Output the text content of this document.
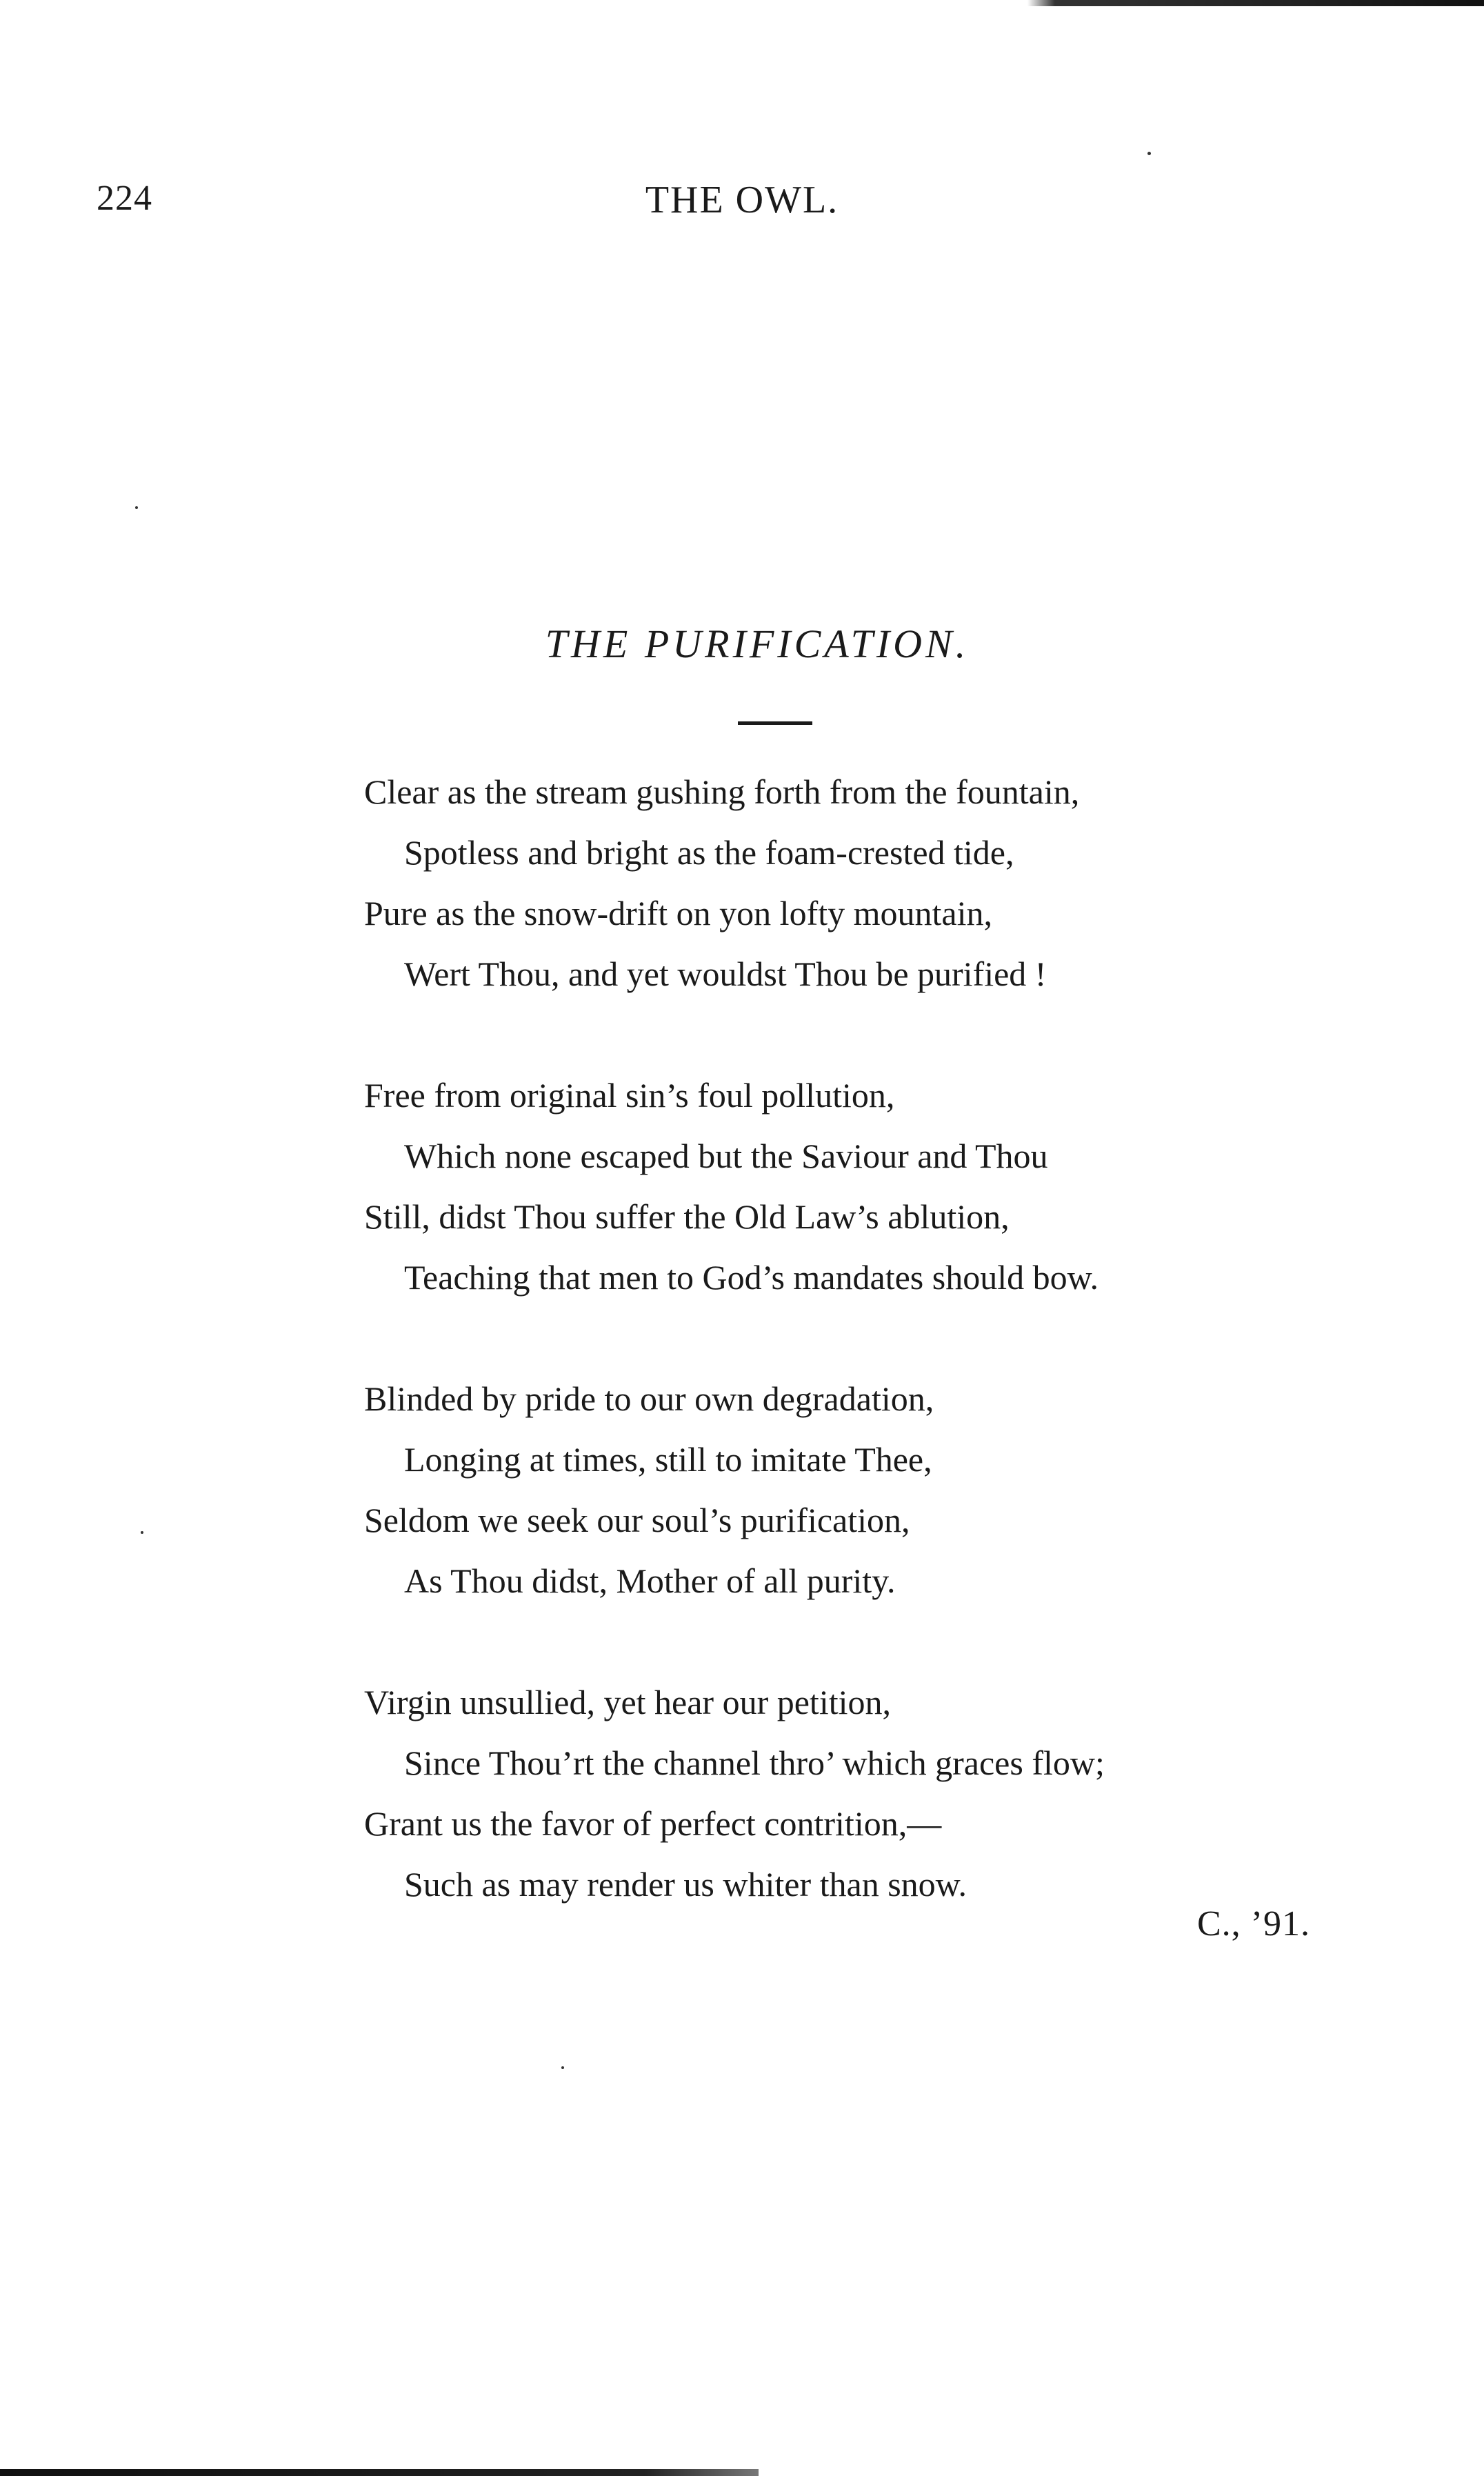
224	THE OWL.
THE PURIFICATION.
Clear as the stream gushing forth from the fountain,
Spotless and bright as the foam-crested tide,
Pure as the snow-drift on yon lofty mountain,
Wert Thou, and yet wouldst Thou be purified !
Free from original sin’s foul pollution,
Which none escaped but the Saviour and Thou
Still, didst Thou suffer the Old Law’s ablution,
Teaching that men to God’s mandates should bow.
Blinded by pride to our own degradation,
Longing at times, still to imitate Thee,
Seldom we seek our soul’s purification,
As Thou didst, Mother of all purity.
Virgin unsullied, yet hear our petition,
Since Thou’rt the channel thro’ which graces flow;
Grant us the favor of perfect contrition,—
Such as may render us whiter than snow.
C., ’91.
